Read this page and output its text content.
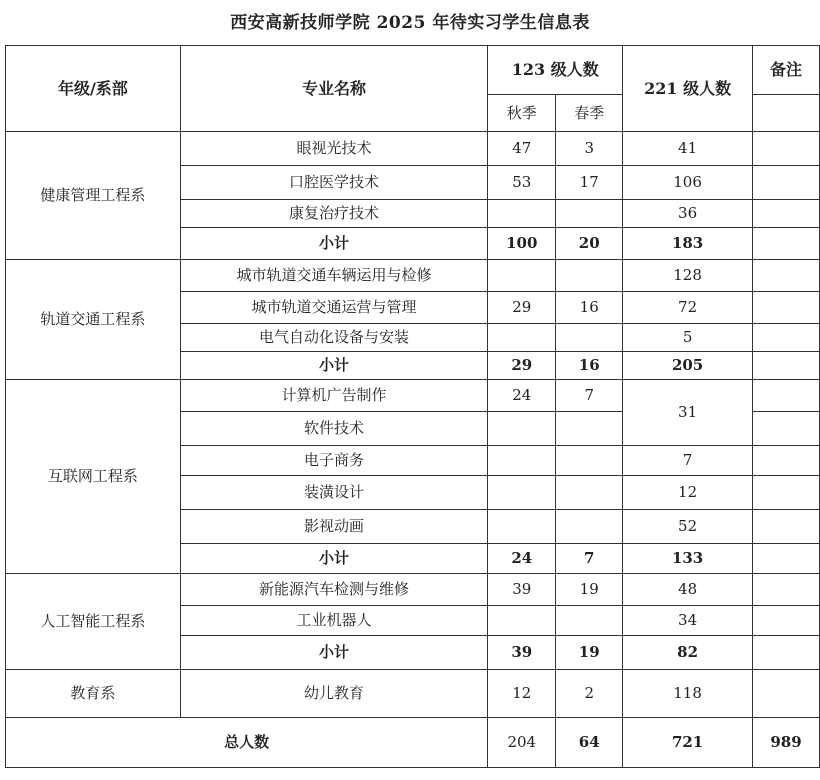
西安高新技师学院 2025 年待实习学生信息表
年级/系部	专业名称	123 级人数		221 级人数	备注
		秋季	春季		
健康管理工程系	眼视光技术	47	3	41	
	口腔医学技术	53	17	106	
	康复治疗技术			36	
	小计	100	20	183	
轨道交通工程系	城市轨道交通车辆运用与检修			128	
	城市轨道交通运营与管理	29	16	72	
	电气自动化设备与安装			5	
	小计	29	16	205	
互联网工程系	计算机广告制作	24	7	31	
	软件技术				
	电子商务			7	
	装潢设计			12	
	影视动画			52	
	小计	24	7	133	
人工智能工程系	新能源汽车检测与维修	39	19	48	
	工业机器人			34	
	小计	39	19	82	
教育系	幼儿教育	12	2	118	
总人数		204	64	721	989
